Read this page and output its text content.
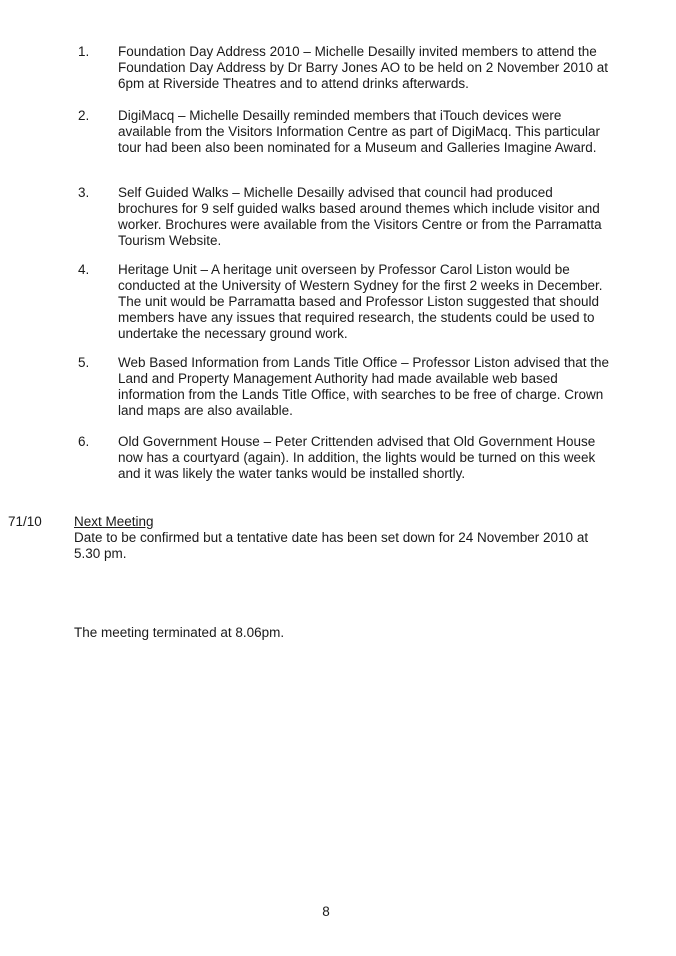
1. Foundation Day Address 2010 – Michelle Desailly invited members to attend the Foundation Day Address by Dr Barry Jones AO to be held on 2 November 2010 at 6pm at Riverside Theatres and to attend drinks afterwards.
2. DigiMacq – Michelle Desailly reminded members that iTouch devices were available from the Visitors Information Centre as part of DigiMacq. This particular tour had been also been nominated for a Museum and Galleries Imagine Award.
3. Self Guided Walks – Michelle Desailly advised that council had produced brochures for 9 self guided walks based around themes which include visitor and worker. Brochures were available from the Visitors Centre or from the Parramatta Tourism Website.
4. Heritage Unit – A heritage unit overseen by Professor Carol Liston would be conducted at the University of Western Sydney for the first 2 weeks in December. The unit would be Parramatta based and Professor Liston suggested that should members have any issues that required research, the students could be used to undertake the necessary ground work.
5. Web Based Information from Lands Title Office – Professor Liston advised that the Land and Property Management Authority had made available web based information from the Lands Title Office, with searches to be free of charge. Crown land maps are also available.
6. Old Government House – Peter Crittenden advised that Old Government House now has a courtyard (again). In addition, the lights would be turned on this week and it was likely the water tanks would be installed shortly.
71/10 Next Meeting
Date to be confirmed but a tentative date has been set down for 24 November 2010 at 5.30 pm.
The meeting terminated at 8.06pm.
8
